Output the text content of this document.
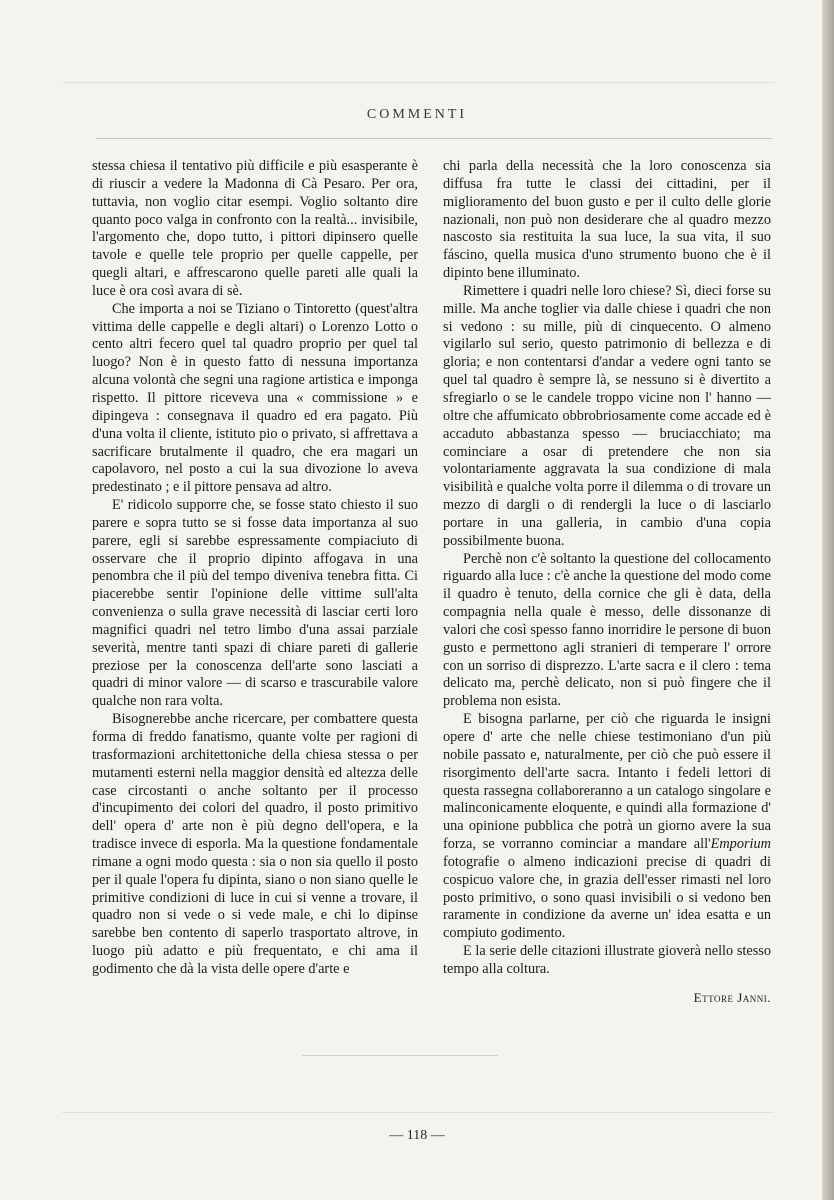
COMMENTI

stessa chiesa il tentativo più difficile e più esasperante è di riuscir a vedere la Madonna di Cà Pesaro. Per ora, tuttavia, non voglio citar esempi. Voglio soltanto dire quanto poco valga in confronto con la realtà... invisibile, l'argomento che, dopo tutto, i pittori dipinsero quelle tavole e quelle tele proprio per quelle cappelle, per quegli altari, e affrescarono quelle pareti alle quali la luce è ora così avara di sè.

Che importa a noi se Tiziano o Tintoretto (quest'altra vittima delle cappelle e degli altari) o Lorenzo Lotto o cento altri fecero quel tal quadro proprio per quel tal luogo? Non è in questo fatto di nessuna importanza alcuna volontà che segni una ragione artistica e imponga rispetto. Il pittore riceveva una « commissione » e dipingeva : consegnava il quadro ed era pagato. Più d'una volta il cliente, istituto pio o privato, si affrettava a sacrificare brutalmente il quadro, che era magari un capolavoro, nel posto a cui la sua divozione lo aveva predestinato ; e il pittore pensava ad altro.

E' ridicolo supporre che, se fosse stato chiesto il suo parere e sopra tutto se si fosse data importanza al suo parere, egli si sarebbe espressamente compiaciuto di osservare che il proprio dipinto affogava in una penombra che il più del tempo diveniva tenebra fitta. Ci piacerebbe sentir l'opinione delle vittime sull'alta convenienza o sulla grave necessità di lasciar certi loro magnifici quadri nel tetro limbo d'una assai parziale severità, mentre tanti spazi di chiare pareti di gallerie preziose per la conoscenza dell'arte sono lasciati a quadri di minor valore — di scarso e trascurabile valore qualche non rara volta.

Bisognerebbe anche ricercare, per combattere questa forma di freddo fanatismo, quante volte per ragioni di trasformazioni architettoniche della chiesa stessa o per mutamenti esterni nella maggior densità ed altezza delle case circostanti o anche soltanto per il processo d'incupimento dei colori del quadro, il posto primitivo dell' opera d' arte non è più degno dell'opera, e la tradisce invece di esporla. Ma la questione fondamentale rimane a ogni modo questa : sia o non sia quello il posto per il quale l'opera fu dipinta, siano o non siano quelle le primitive condizioni di luce in cui si venne a trovare, il quadro non si vede o si vede male, e chi lo dipinse sarebbe ben contento di saperlo trasportato altrove, in luogo più adatto e più frequentato, e chi ama il godimento che dà la vista delle opere d'arte e

chi parla della necessità che la loro conoscenza sia diffusa fra tutte le classi dei cittadini, per il miglioramento del buon gusto e per il culto delle glorie nazionali, non può non desiderare che al quadro mezzo nascosto sia restituita la sua luce, la sua vita, il suo fáscino, quella musica d'uno strumento buono che è il dipinto bene illuminato.

Rimettere i quadri nelle loro chiese? Sì, dieci forse su mille. Ma anche toglier via dalle chiese i quadri che non si vedono : su mille, più di cinquecento. O almeno vigilarlo sul serio, questo patrimonio di bellezza e di gloria; e non contentarsi d'andar a vedere ogni tanto se quel tal quadro è sempre là, se nessuno si è divertito a sfregiarlo o se le candele troppo vicine non l' hanno — oltre che affumicato obbrobriosamente come accade ed è accaduto abbastanza spesso — bruciacchiato; ma cominciare a osar di pretendere che non sia volontariamente aggravata la sua condizione di mala visibilità e qualche volta porre il dilemma o di trovare un mezzo di dargli o di rendergli la luce o di lasciarlo portare in una galleria, in cambio d'una copia possibilmente buona.

Perchè non c'è soltanto la questione del collocamento riguardo alla luce : c'è anche la questione del modo come il quadro è tenuto, della cornice che gli è data, della compagnia nella quale è messo, delle dissonanze di valori che così spesso fanno inorridire le persone di buon gusto e permettono agli stranieri di temperare l' orrore con un sorriso di disprezzo. L'arte sacra e il clero : tema delicato ma, perchè delicato, non si può fingere che il problema non esista.

E bisogna parlarne, per ciò che riguarda le insigni opere d' arte che nelle chiese testimoniano d'un più nobile passato e, naturalmente, per ciò che può essere il risorgimento dell'arte sacra. Intanto i fedeli lettori di questa rassegna collaboreranno a un catalogo singolare e malinconicamente eloquente, e quindi alla formazione d' una opinione pubblica che potrà un giorno avere la sua forza, se vorranno cominciar a mandare all'Emporium fotografie o almeno indicazioni precise di quadri di cospicuo valore che, in grazia dell'esser rimasti nel loro posto primitivo, o sono quasi invisibili o si vedono ben raramente in condizione da averne un' idea esatta e un compiuto godimento.

E la serie delle citazioni illustrate gioverà nello stesso tempo alla coltura.

Ettore Janni.

— 118 —
